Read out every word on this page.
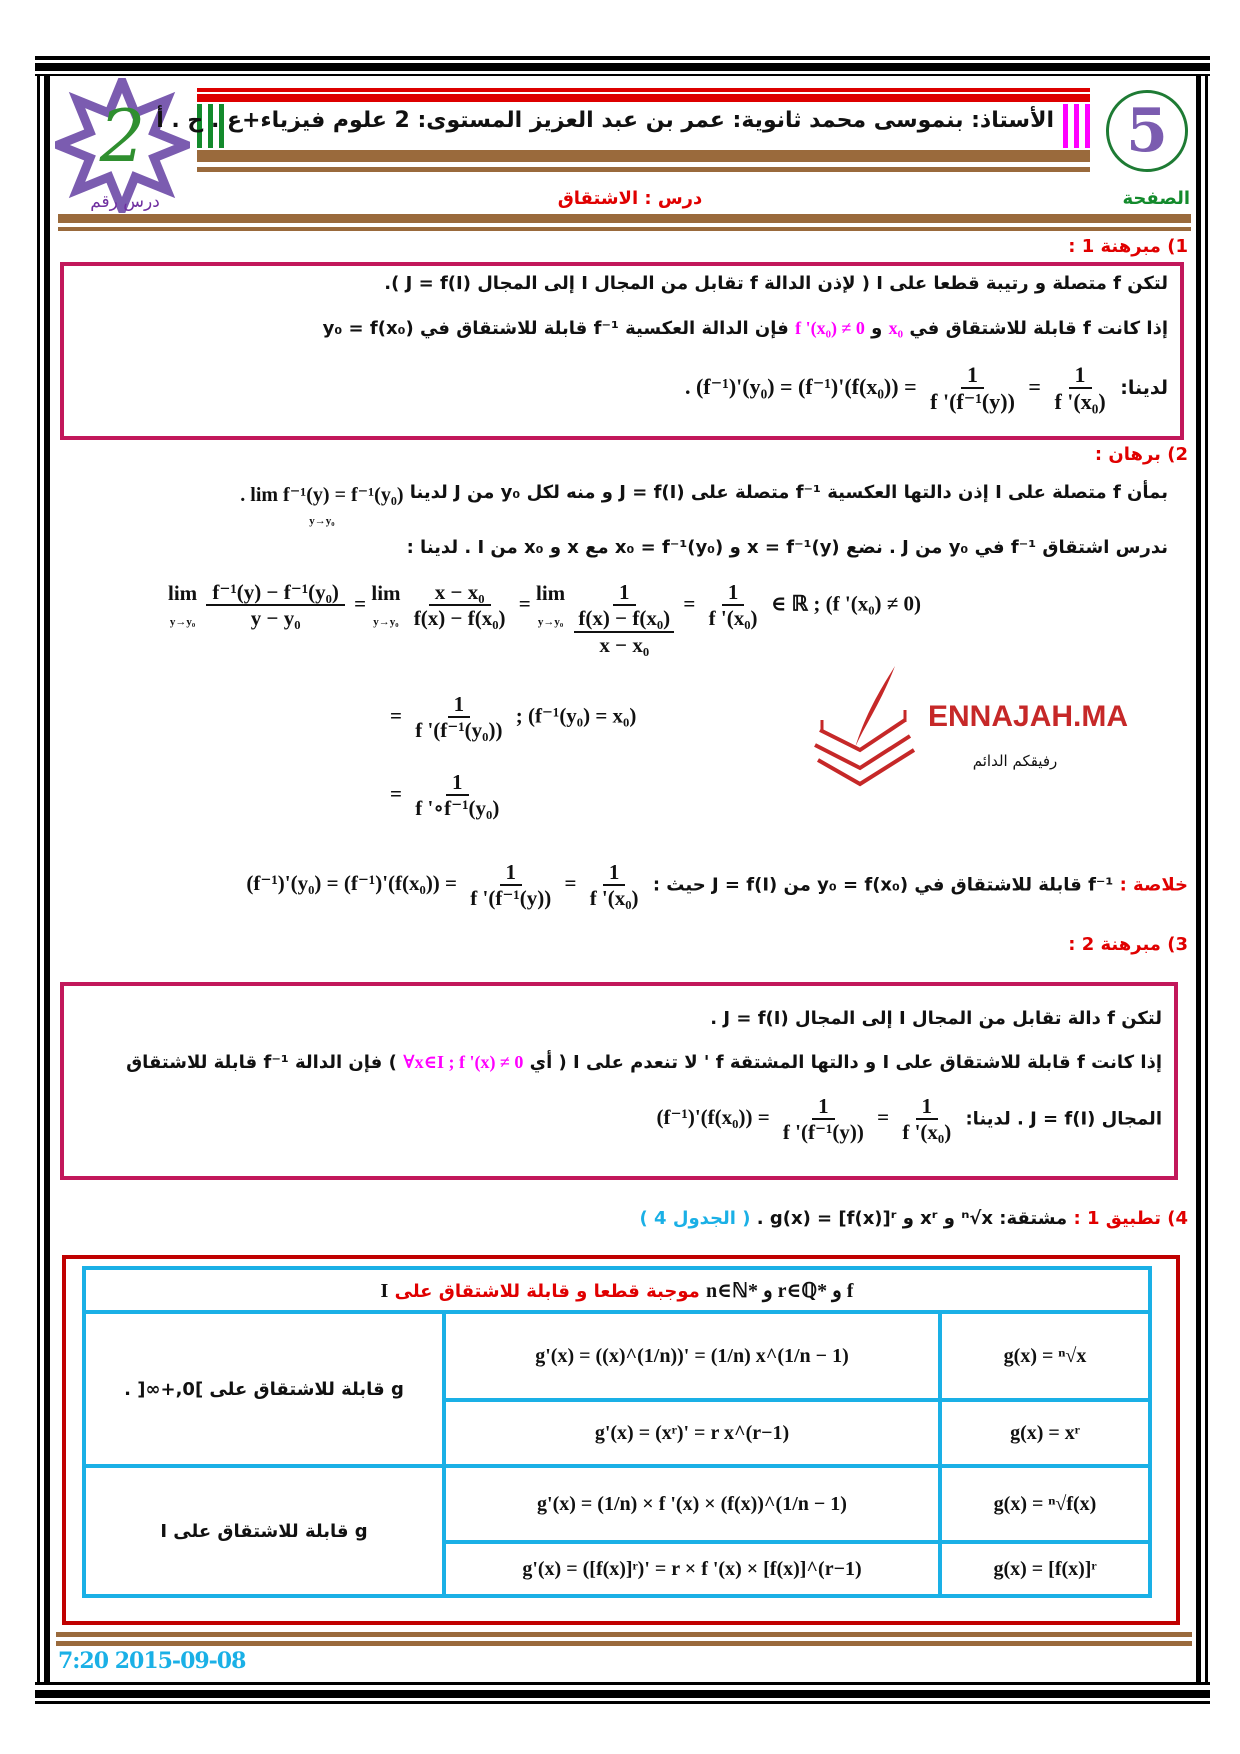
2
درس رقم
الأستاذ: بنموسى محمد ثانوية: عمر بن عبد العزيز المستوى: 2 علوم فيزياء+ع . ح . أ	5
الصفحة
درس : الاشتقاق
1) مبرهنة 1 :
لتكن f متصلة و رتيبة قطعا على I ( لإذن الدالة f تقابل من المجال I إلى المجال J = f(I) ).
إذا كانت f قابلة للاشتقاق في x₀ و f '(x₀) ≠ 0 فإن الدالة العكسية f⁻¹ قابلة للاشتقاق في y₀ = f(x₀)
لدينا: . $(f^{-1})'(y_0) = (f^{-1})'(f(x_0)) = \frac{1}{\text{f '(f⁻¹(y))}} = \frac{1}{\text{f '(x₀)}}$
2) برهان :
بمأن f متصلة على I إذن دالتها العكسية f⁻¹ متصلة على J = f(I) و منه لكل y₀ من J لدينا . lim f⁻¹(y) = f⁻¹(y₀)
y→y₀
ندرس اشتقاق f⁻¹ في y₀ من J . نضع x = f⁻¹(y) و x₀ = f⁻¹(y₀) مع x و x₀ من I . لدينا :
lim
$y\to y_0 \frac{\text{f⁻¹(y) − f⁻¹(y₀)}}{\text{y − y₀}} = \lim$
$y\to y_0 \frac{\text{x − x₀}}{\text{f(x) − f(x₀)}} = \lim$
y→y₀
1
f(x) − f(x₀)
x − x₀
= $\frac{1}{\text{f '(x₀)}}$ ∈ ℝ ; (f '(x₀) ≠ 0)
= $\frac{1}{\text{f '(f⁻¹(y₀))}}$ ; (f⁻¹(y₀) = x₀)
= $\frac{1}{\text{f '∘f⁻¹(y₀)}}$
ENNAJAH.MA
رفيقكم الدائم
خلاصة : f⁻¹ قابلة للاشتقاق في y₀ = f(x₀) من J = f(I) حيث : $(f^{-1})'(y_0) = (f^{-1})'(f(x_0)) = \frac{1}{\text{f '(f⁻¹(y))}} = \frac{1}{\text{f '(x₀)}}$
3) مبرهنة 2 :
لتكن f دالة تقابل من المجال I إلى المجال J = f(I) .
إذا كانت f قابلة للاشتقاق على I و دالتها المشتقة f ' لا تنعدم على I ( أي ∀x∈I ; f '(x) ≠ 0 ) فإن الدالة f⁻¹ قابلة للاشتقاق
المجال J = f(I) . لدينا: $(f^{-1})'(f(x_0)) = \frac{1}{\text{f '(f⁻¹(y))}} = \frac{1}{\text{f '(x₀)}}$
4) تطبيق 1 : مشتقة: ⁿ√x و xʳ و g(x) = [f(x)]ʳ . ( الجدول 4 )
n∈ℕ* و r∈ℚ* و f موجبة قطعا و قابلة للاشتقاق على I		
g قابلة للاشتقاق على ]0,+∞[ .	g'(x) = ((x)^(1/n))' = (1/n) x^(1/n − 1)	g(x) = ⁿ√x
	g'(x) = (xʳ)' = r x^(r−1)	g(x) = xʳ
g قابلة للاشتقاق على I	g'(x) = (1/n) × f '(x) × (f(x))^(1/n − 1)	g(x) = ⁿ√f(x)
	g'(x) = ([f(x)]ʳ)' = r × f '(x) × [f(x)]^(r−1)	g(x) = [f(x)]ʳ
7:20 2015-09-08
